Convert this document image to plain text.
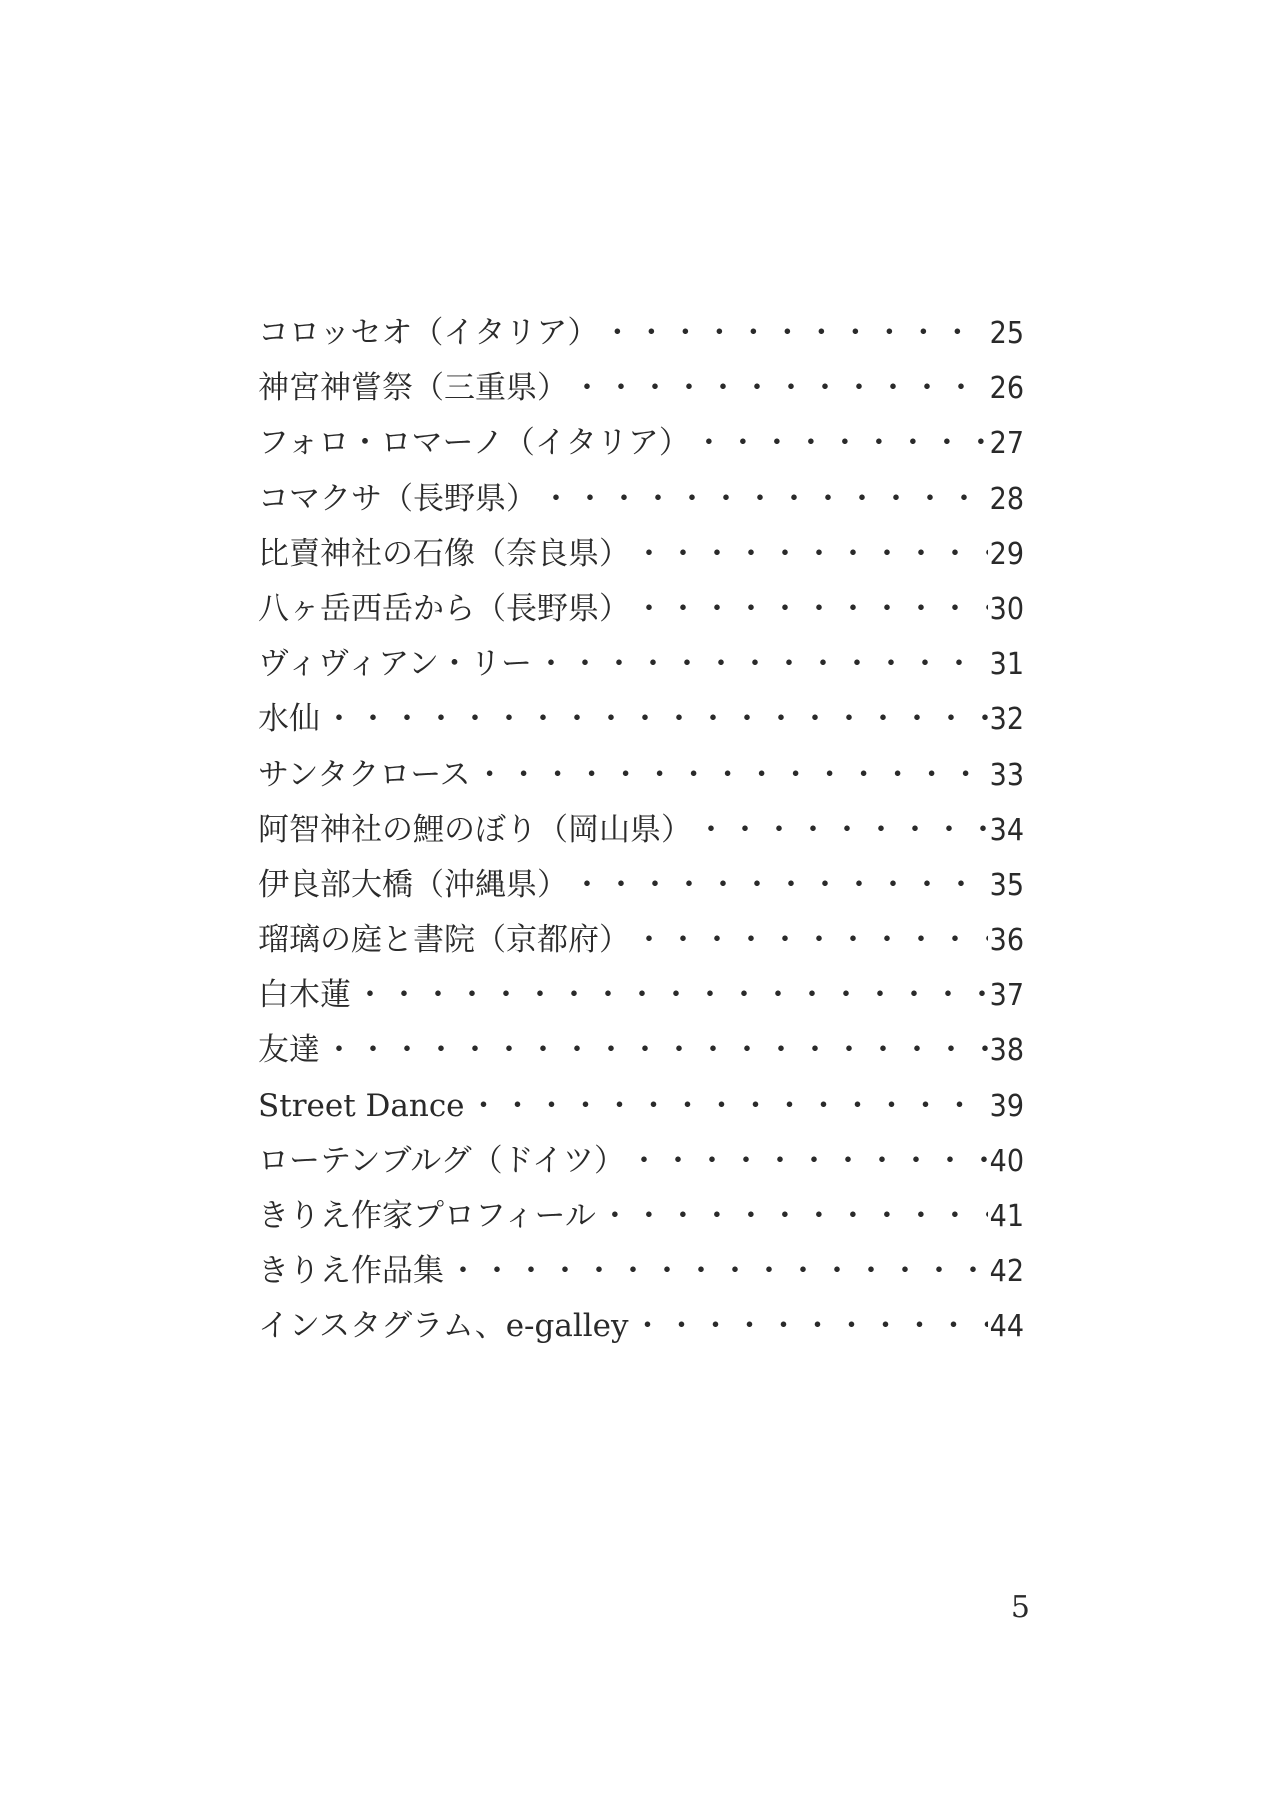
コロッセオ（イタリア） ・・・・・・・・・・・・・・・・・・・・・・・・・・・・・・・・・・・・・・・・・・・・・・・・・・	25
神宮神嘗祭（三重県） ・・・・・・・・・・・・・・・・・・・・・・・・・・・・・・・・・・・・・・・・・・・・・・・・・・	26
フォロ・ロマーノ（イタリア） ・・・・・・・・・・・・・・・・・・・・・・・・・・・・・・・・・・・・・・・・・・・・・・・・・・	27
コマクサ（長野県） ・・・・・・・・・・・・・・・・・・・・・・・・・・・・・・・・・・・・・・・・・・・・・・・・・・	28
比賣神社の石像（奈良県） ・・・・・・・・・・・・・・・・・・・・・・・・・・・・・・・・・・・・・・・・・・・・・・・・・・	29
八ヶ岳西岳から（長野県） ・・・・・・・・・・・・・・・・・・・・・・・・・・・・・・・・・・・・・・・・・・・・・・・・・・	30
ヴィヴィアン・リー ・・・・・・・・・・・・・・・・・・・・・・・・・・・・・・・・・・・・・・・・・・・・・・・・・・	31
水仙 ・・・・・・・・・・・・・・・・・・・・・・・・・・・・・・・・・・・・・・・・・・・・・・・・・・	32
サンタクロース ・・・・・・・・・・・・・・・・・・・・・・・・・・・・・・・・・・・・・・・・・・・・・・・・・・	33
阿智神社の鯉のぼり（岡山県） ・・・・・・・・・・・・・・・・・・・・・・・・・・・・・・・・・・・・・・・・・・・・・・・・・・	34
伊良部大橋（沖縄県） ・・・・・・・・・・・・・・・・・・・・・・・・・・・・・・・・・・・・・・・・・・・・・・・・・・	35
瑠璃の庭と書院（京都府） ・・・・・・・・・・・・・・・・・・・・・・・・・・・・・・・・・・・・・・・・・・・・・・・・・・	36
白木蓮 ・・・・・・・・・・・・・・・・・・・・・・・・・・・・・・・・・・・・・・・・・・・・・・・・・・	37
友達 ・・・・・・・・・・・・・・・・・・・・・・・・・・・・・・・・・・・・・・・・・・・・・・・・・・	38
Street Dance ・・・・・・・・・・・・・・・・・・・・・・・・・・・・・・・・・・・・・・・・・・・・・・・・・・	39
ローテンブルグ（ドイツ） ・・・・・・・・・・・・・・・・・・・・・・・・・・・・・・・・・・・・・・・・・・・・・・・・・・	40
きりえ作家プロフィール ・・・・・・・・・・・・・・・・・・・・・・・・・・・・・・・・・・・・・・・・・・・・・・・・・・	41
きりえ作品集 ・・・・・・・・・・・・・・・・・・・・・・・・・・・・・・・・・・・・・・・・・・・・・・・・・・	42
インスタグラム、e-galley ・・・・・・・・・・・・・・・・・・・・・・・・・・・・・・・・・・・・・・・・・・・・・・・・・・	44
5
